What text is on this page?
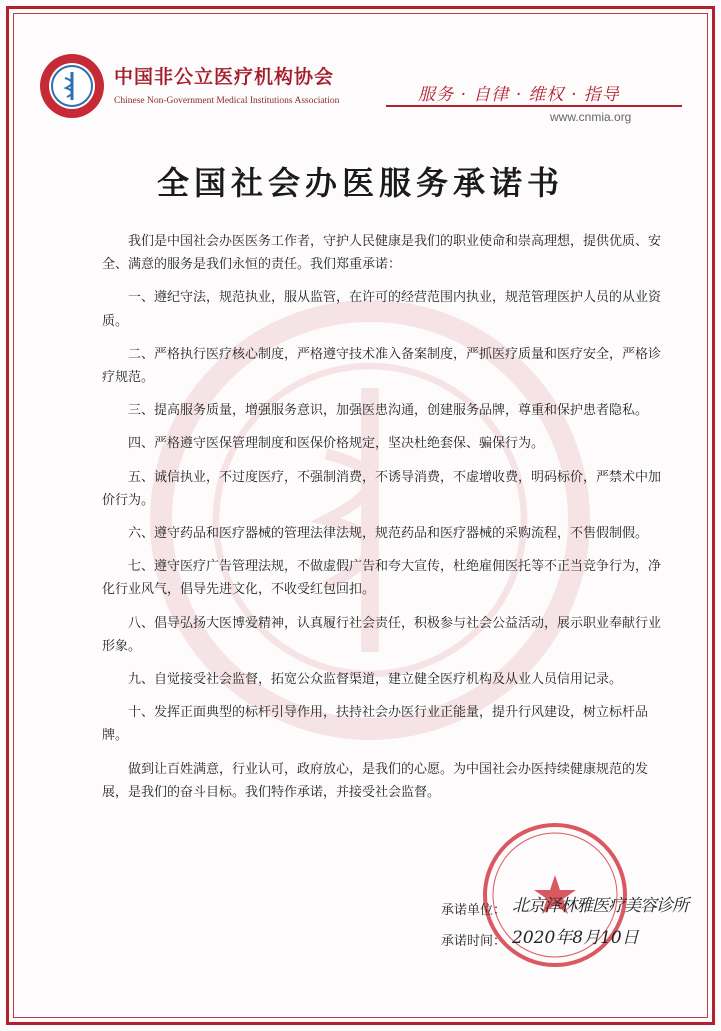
中国非公立医疗机构协会
Chinese Non-Government Medical Institutions Association	服务 · 自律 · 维权 · 指导
www.cnmia.org
全国社会办医服务承诺书

　　我们是中国社会办医医务工作者，守护人民健康是我们的职业使命和崇高理想，提供优质、安全、满意的服务是我们永恒的责任。我们郑重承诺：

　　一、遵纪守法，规范执业，服从监管，在许可的经营范围内执业，规范管理医护人员的从业资质。

　　二、严格执行医疗核心制度，严格遵守技术准入备案制度，严抓医疗质量和医疗安全，严格诊疗规范。

　　三、提高服务质量，增强服务意识，加强医患沟通，创建服务品牌，尊重和保护患者隐私。

　　四、严格遵守医保管理制度和医保价格规定，坚决杜绝套保、骗保行为。

　　五、诚信执业，不过度医疗，不强制消费，不诱导消费，不虚增收费，明码标价，严禁术中加价行为。

　　六、遵守药品和医疗器械的管理法律法规，规范药品和医疗器械的采购流程，不售假制假。

　　七、遵守医疗广告管理法规，不做虚假广告和夸大宣传，杜绝雇佣医托等不正当竞争行为，净化行业风气，倡导先进文化，不收受红包回扣。

　　八、倡导弘扬大医博爱精神，认真履行社会责任，积极参与社会公益活动，展示职业奉献行业形象。

　　九、自觉接受社会监督，拓宽公众监督渠道，建立健全医疗机构及从业人员信用记录。

　　十、发挥正面典型的标杆引导作用，扶持社会办医行业正能量，提升行风建设，树立标杆品牌。

　　做到让百姓满意，行业认可，政府放心，是我们的心愿。为中国社会办医持续健康规范的发展，是我们的奋斗目标。我们特作承诺，并接受社会监督。

承诺单位： 北京泽林雅医疗美容诊所
承诺时间： 2020年8月10日
